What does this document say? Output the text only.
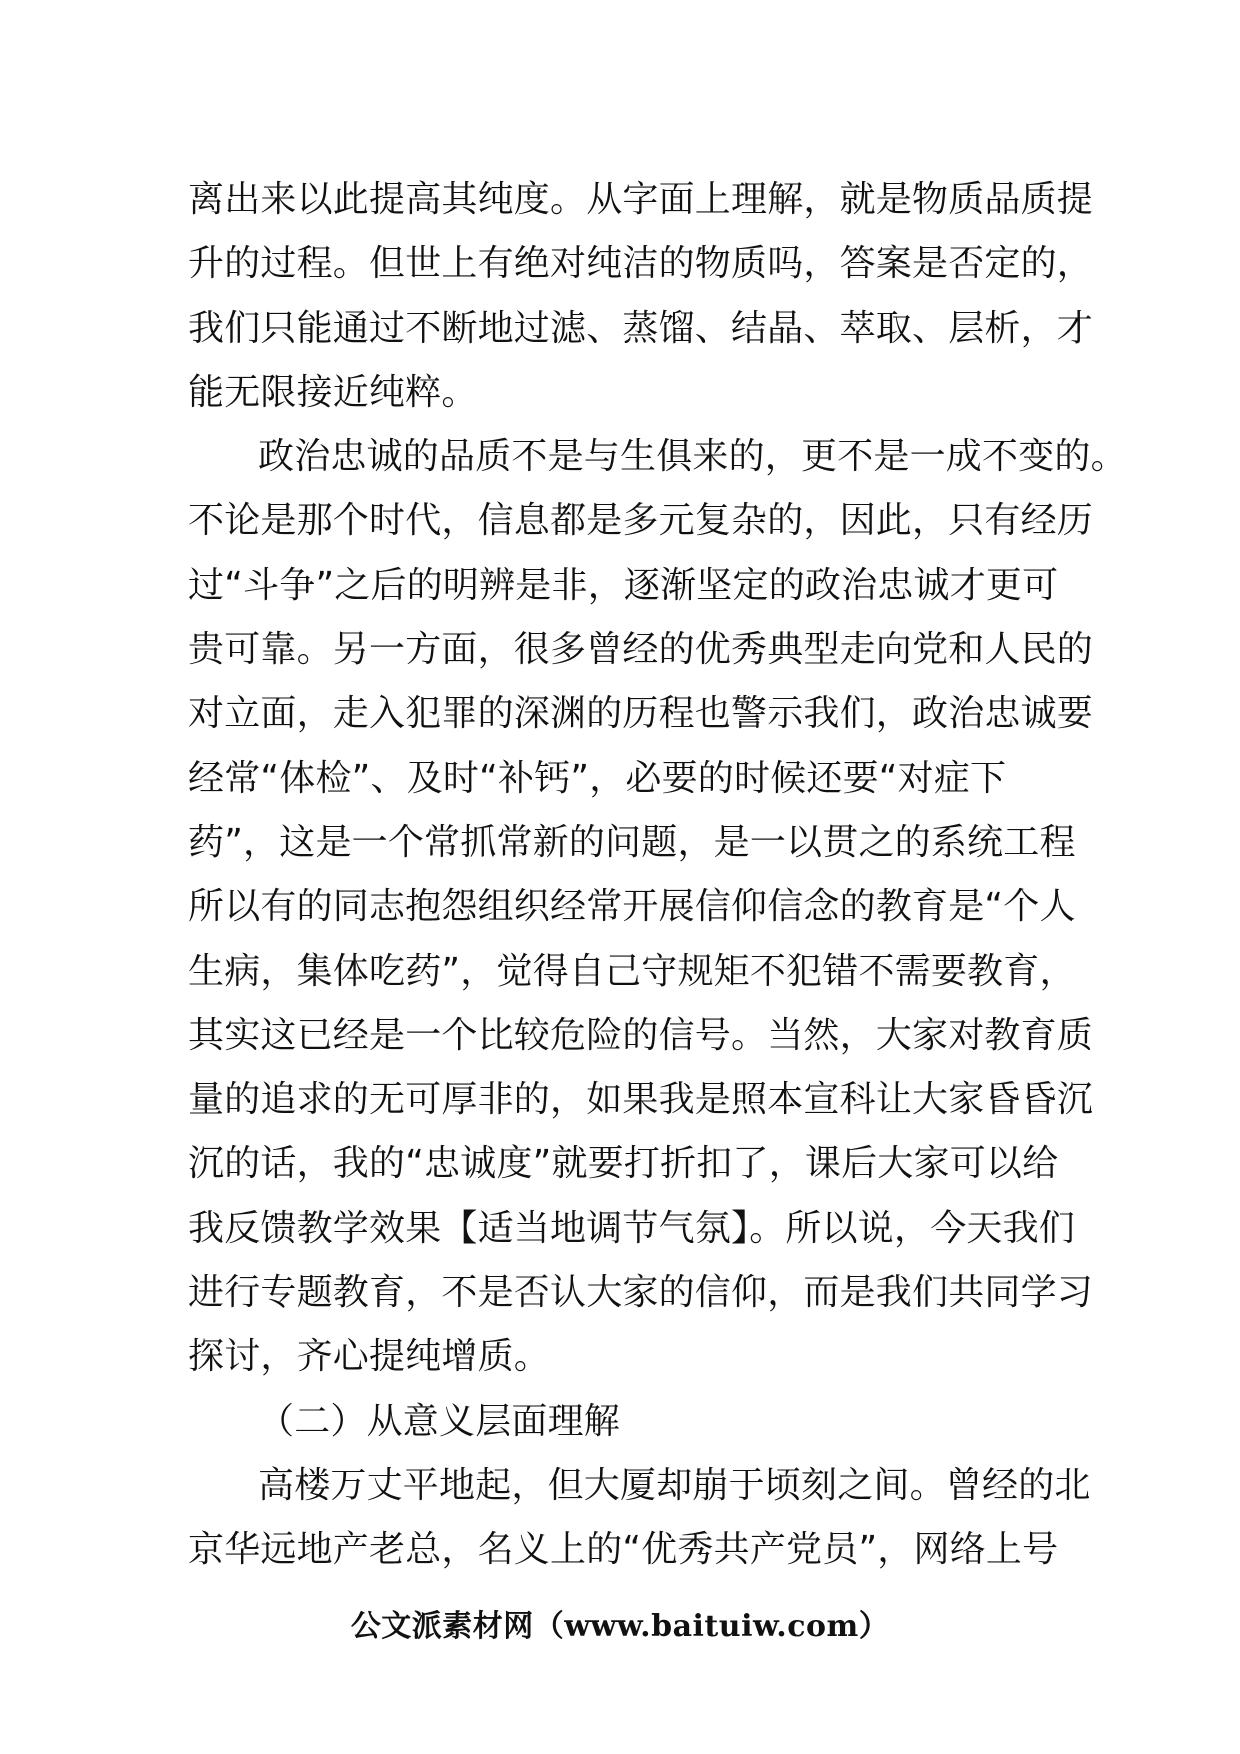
离出来以此提高其纯度。从字面上理解，就是物质品质提
升的过程。但世上有绝对纯洁的物质吗，答案是否定的，
我们只能通过不断地过滤、蒸馏、结晶、萃取、层析，才
能无限接近纯粹。
政治忠诚的品质不是与生俱来的，更不是一成不变的。
不论是那个时代，信息都是多元复杂的，因此，只有经历
过“斗争”之后的明辨是非，逐渐坚定的政治忠诚才更可
贵可靠。另一方面，很多曾经的优秀典型走向党和人民的
对立面，走入犯罪的深渊的历程也警示我们，政治忠诚要
经常“体检”、及时“补钙”，必要的时候还要“对症下
药”，这是一个常抓常新的问题，是一以贯之的系统工程
所以有的同志抱怨组织经常开展信仰信念的教育是“个人
生病，集体吃药”，觉得自己守规矩不犯错不需要教育，
其实这已经是一个比较危险的信号。当然，大家对教育质
量的追求的无可厚非的，如果我是照本宣科让大家昏昏沉
沉的话，我的“忠诚度”就要打折扣了，课后大家可以给
我反馈教学效果【适当地调节气氛】。所以说，今天我们
进行专题教育，不是否认大家的信仰，而是我们共同学习
探讨，齐心提纯增质。
（二）从意义层面理解
高楼万丈平地起，但大厦却崩于顷刻之间。曾经的北
京华远地产老总，名义上的“优秀共产党员”，网络上号
公文派素材网（www.baituiw.com）
